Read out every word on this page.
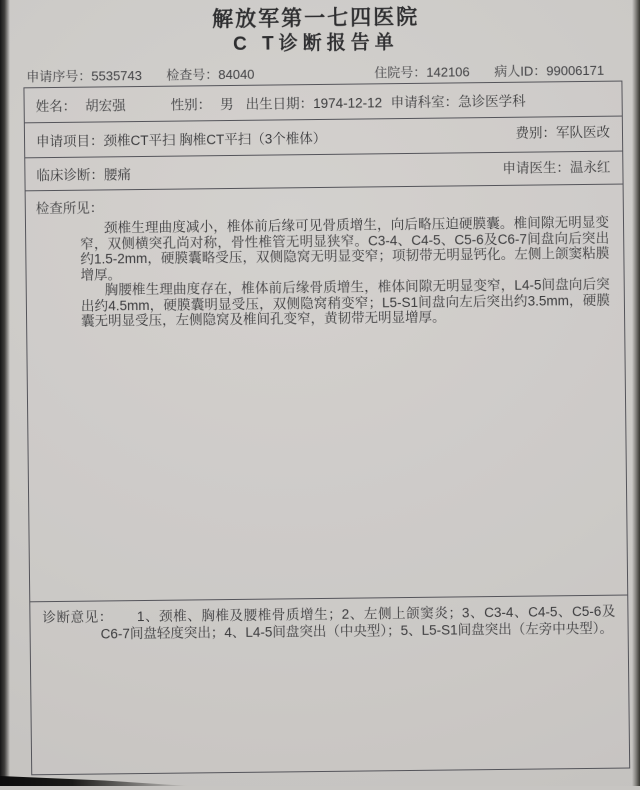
解放军第一七四医院
C T诊断报告单
申请序号：5535743 检查号：84040	住院号：142106 病人ID：99006171
姓名： 胡宏强	性别： 男 出生日期：1974-12-12 申请科室：急诊医学科
申请项目：颈椎CT平扫 胸椎CT平扫（3个椎体）	费别：军队医改
临床诊断：腰痛	申请医生：温永红
检查所见：

颈椎生理曲度减小，椎体前后缘可见骨质增生，向后略压迫硬膜囊。椎间隙无明显变窄，双侧横突孔尚对称，骨性椎管无明显狭窄。C3-4、C4-5、C5-6及C6-7间盘向后突出约1.5-2mm，硬膜囊略受压，双侧隐窝无明显变窄；项韧带无明显钙化。左侧上颌窦粘膜增厚。

胸腰椎生理曲度存在，椎体前后缘骨质增生，椎体间隙无明显变窄，L4-5间盘向后突出约4.5mm，硬膜囊明显受压，双侧隐窝稍变窄；L5-S1间盘向左后突出约3.5mm，硬膜囊无明显受压，左侧隐窝及椎间孔变窄，黄韧带无明显增厚。

诊断意见： 1、颈椎、胸椎及腰椎骨质增生；2、左侧上颌窦炎；3、C3-4、C4-5、C5-6及C6-7间盘轻度突出；4、L4-5间盘突出（中央型）；5、L5-S1间盘突出（左旁中央型）。
